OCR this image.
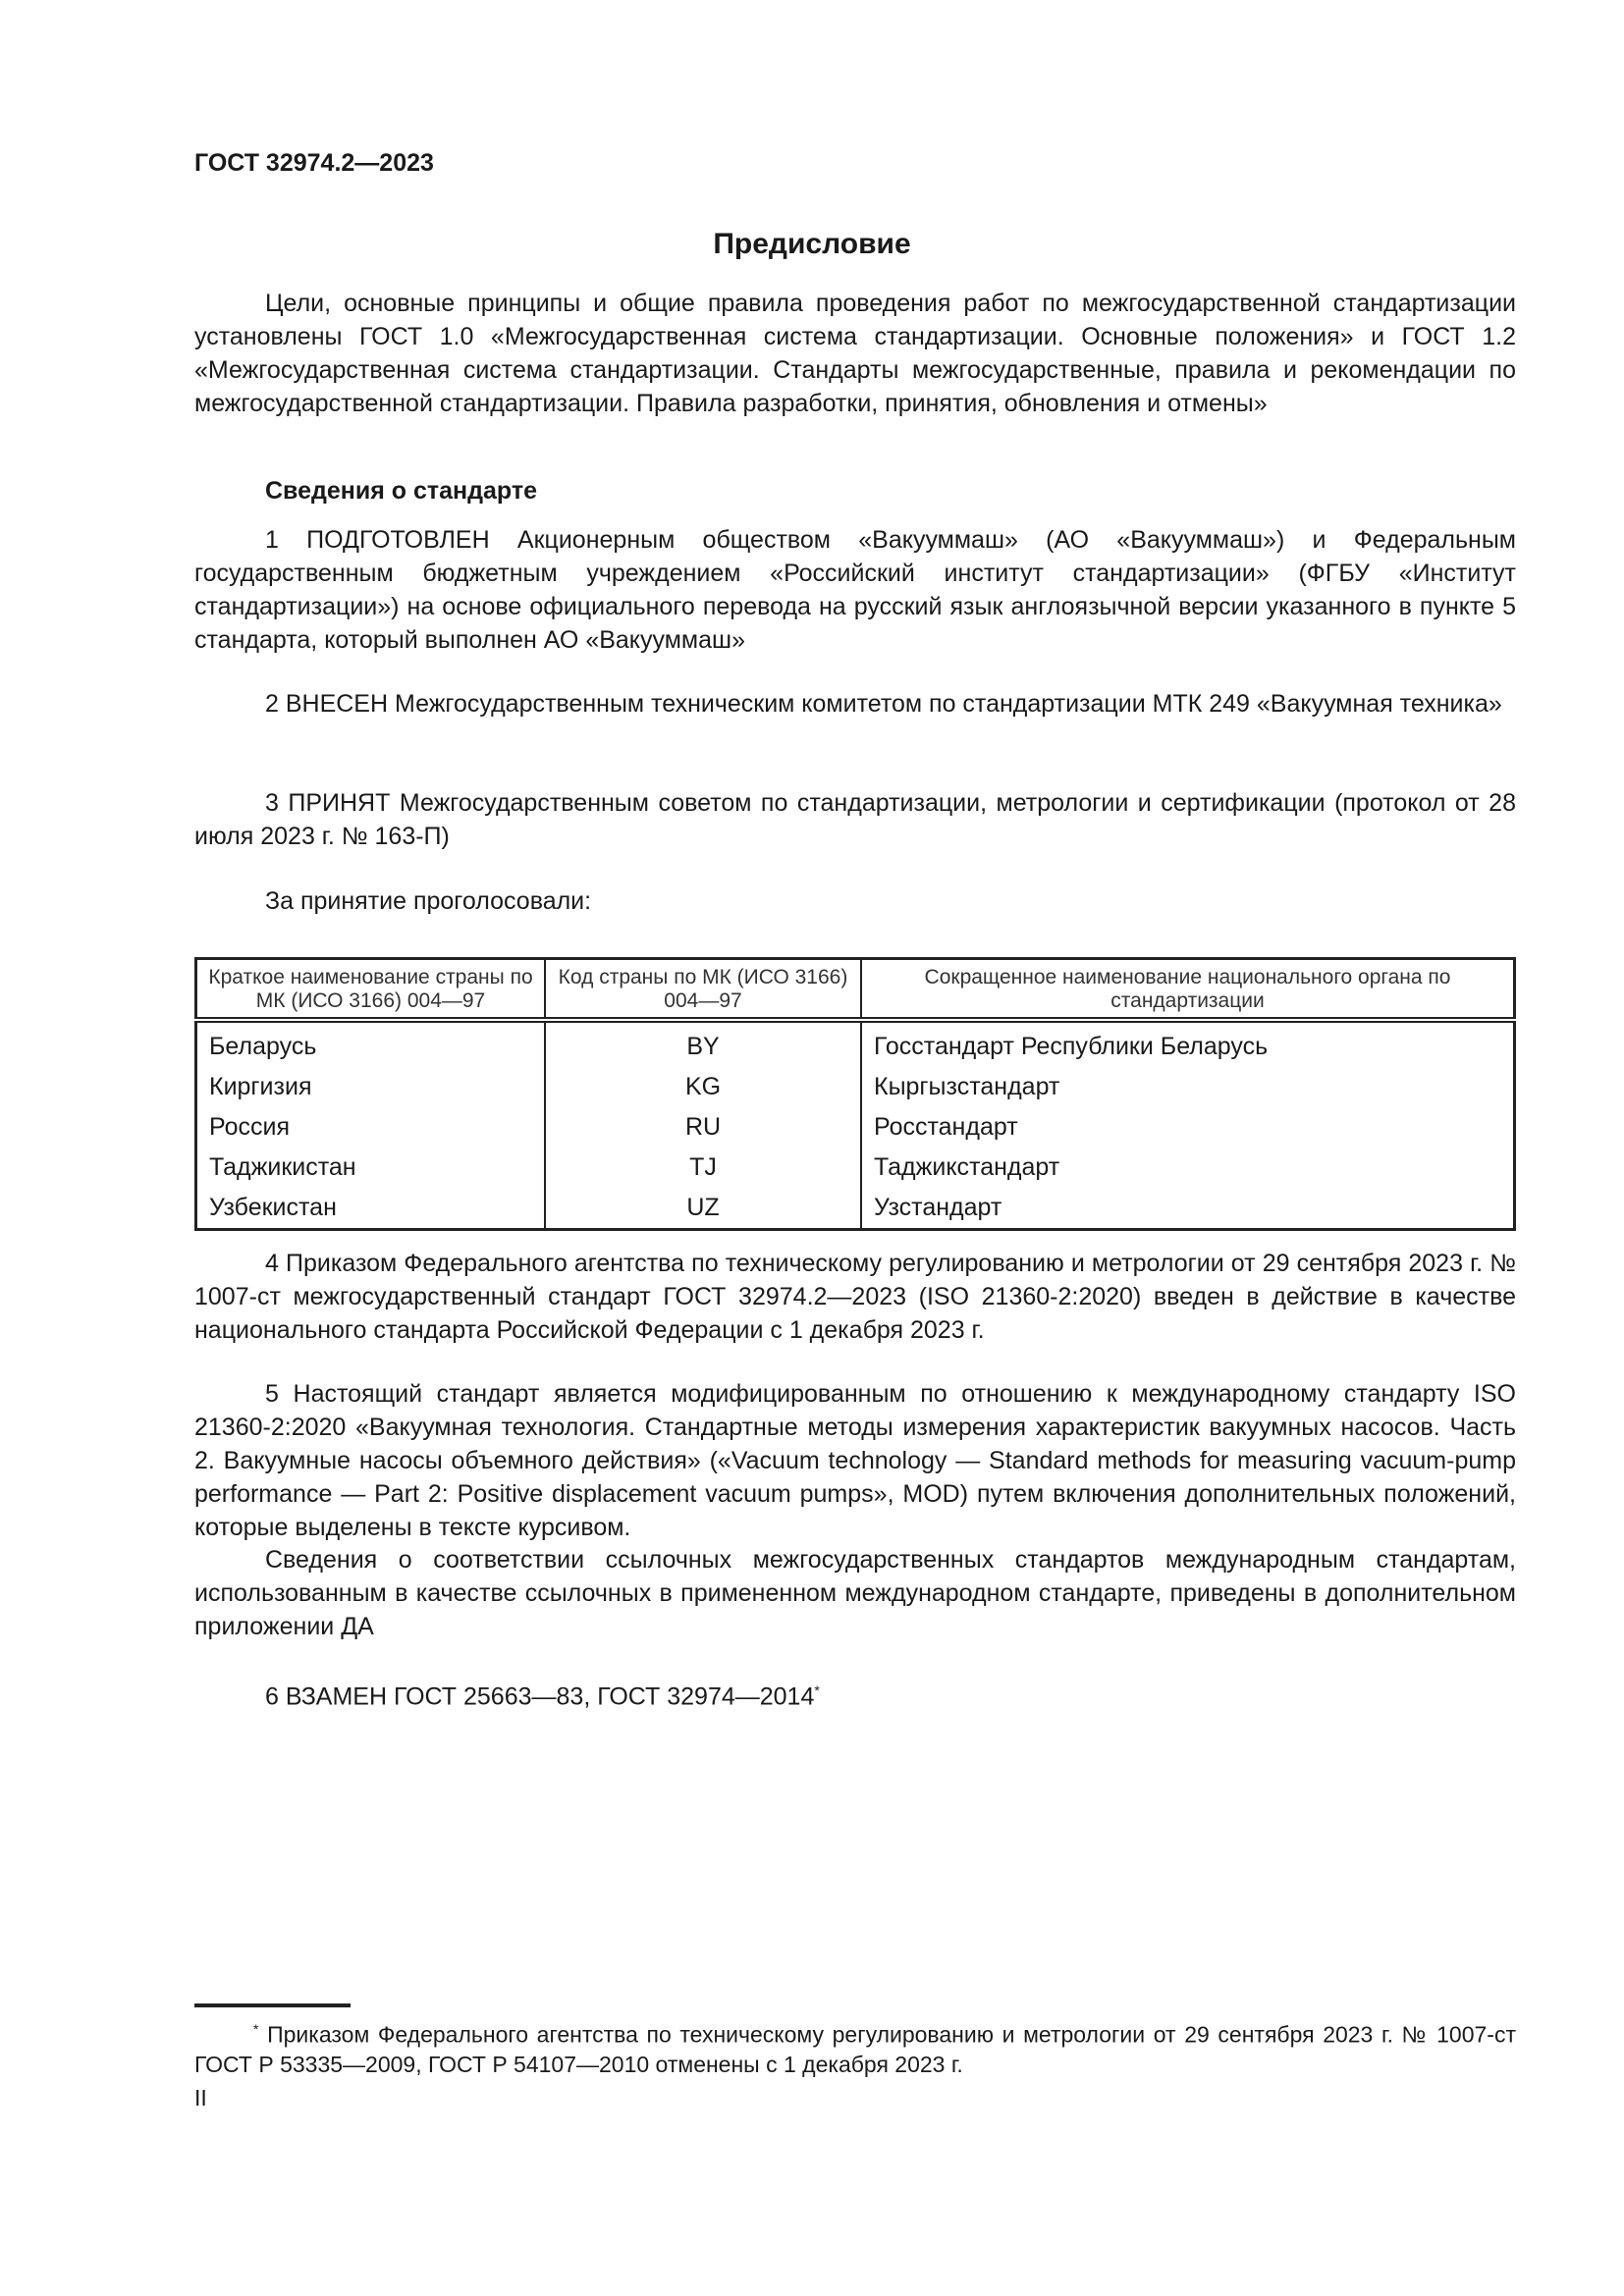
ГОСТ 32974.2—2023
Предисловие
Цели, основные принципы и общие правила проведения работ по межгосударственной стандартизации установлены ГОСТ 1.0 «Межгосударственная система стандартизации. Основные положения» и ГОСТ 1.2 «Межгосударственная система стандартизации. Стандарты межгосударственные, правила и рекомендации по межгосударственной стандартизации. Правила разработки, принятия, обновления и отмены»
Сведения о стандарте
1 ПОДГОТОВЛЕН Акционерным обществом «Вакууммаш» (АО «Вакууммаш») и Федеральным государственным бюджетным учреждением «Российский институт стандартизации» (ФГБУ «Институт стандартизации») на основе официального перевода на русский язык англоязычной версии указанного в пункте 5 стандарта, который выполнен АО «Вакууммаш»
2 ВНЕСЕН Межгосударственным техническим комитетом по стандартизации МТК 249 «Вакуумная техника»
3 ПРИНЯТ Межгосударственным советом по стандартизации, метрологии и сертификации (протокол от 28 июля 2023 г. № 163-П)
За принятие проголосовали:
Краткое наименование страны по МК (ИСО 3166) 004—97	Код страны по МК (ИСО 3166) 004—97	Сокращенное наименование национального органа по стандартизации
Беларусь	BY	Госстандарт Республики Беларусь
Киргизия	KG	Кыргызстандарт
Россия	RU	Росстандарт
Таджикистан	TJ	Таджикстандарт
Узбекистан	UZ	Узстандарт
4 Приказом Федерального агентства по техническому регулированию и метрологии от 29 сентября 2023 г. № 1007-ст межгосударственный стандарт ГОСТ 32974.2—2023 (ISO 21360-2:2020) введен в действие в качестве национального стандарта Российской Федерации с 1 декабря 2023 г.
5 Настоящий стандарт является модифицированным по отношению к международному стандарту ISO 21360-2:2020 «Вакуумная технология. Стандартные методы измерения характеристик вакуумных насосов. Часть 2. Вакуумные насосы объемного действия» («Vacuum technology — Standard methods for measuring vacuum-pump performance — Part 2: Positive displacement vacuum pumps», MOD) путем включения дополнительных положений, которые выделены в тексте курсивом.
Сведения о соответствии ссылочных межгосударственных стандартов международным стандартам, использованным в качестве ссылочных в примененном международном стандарте, приведены в дополнительном приложении ДА
6 ВЗАМЕН ГОСТ 25663—83, ГОСТ 32974—2014*
* Приказом Федерального агентства по техническому регулированию и метрологии от 29 сентября 2023 г. № 1007-ст ГОСТ Р 53335—2009, ГОСТ Р 54107—2010 отменены с 1 декабря 2023 г.
II
